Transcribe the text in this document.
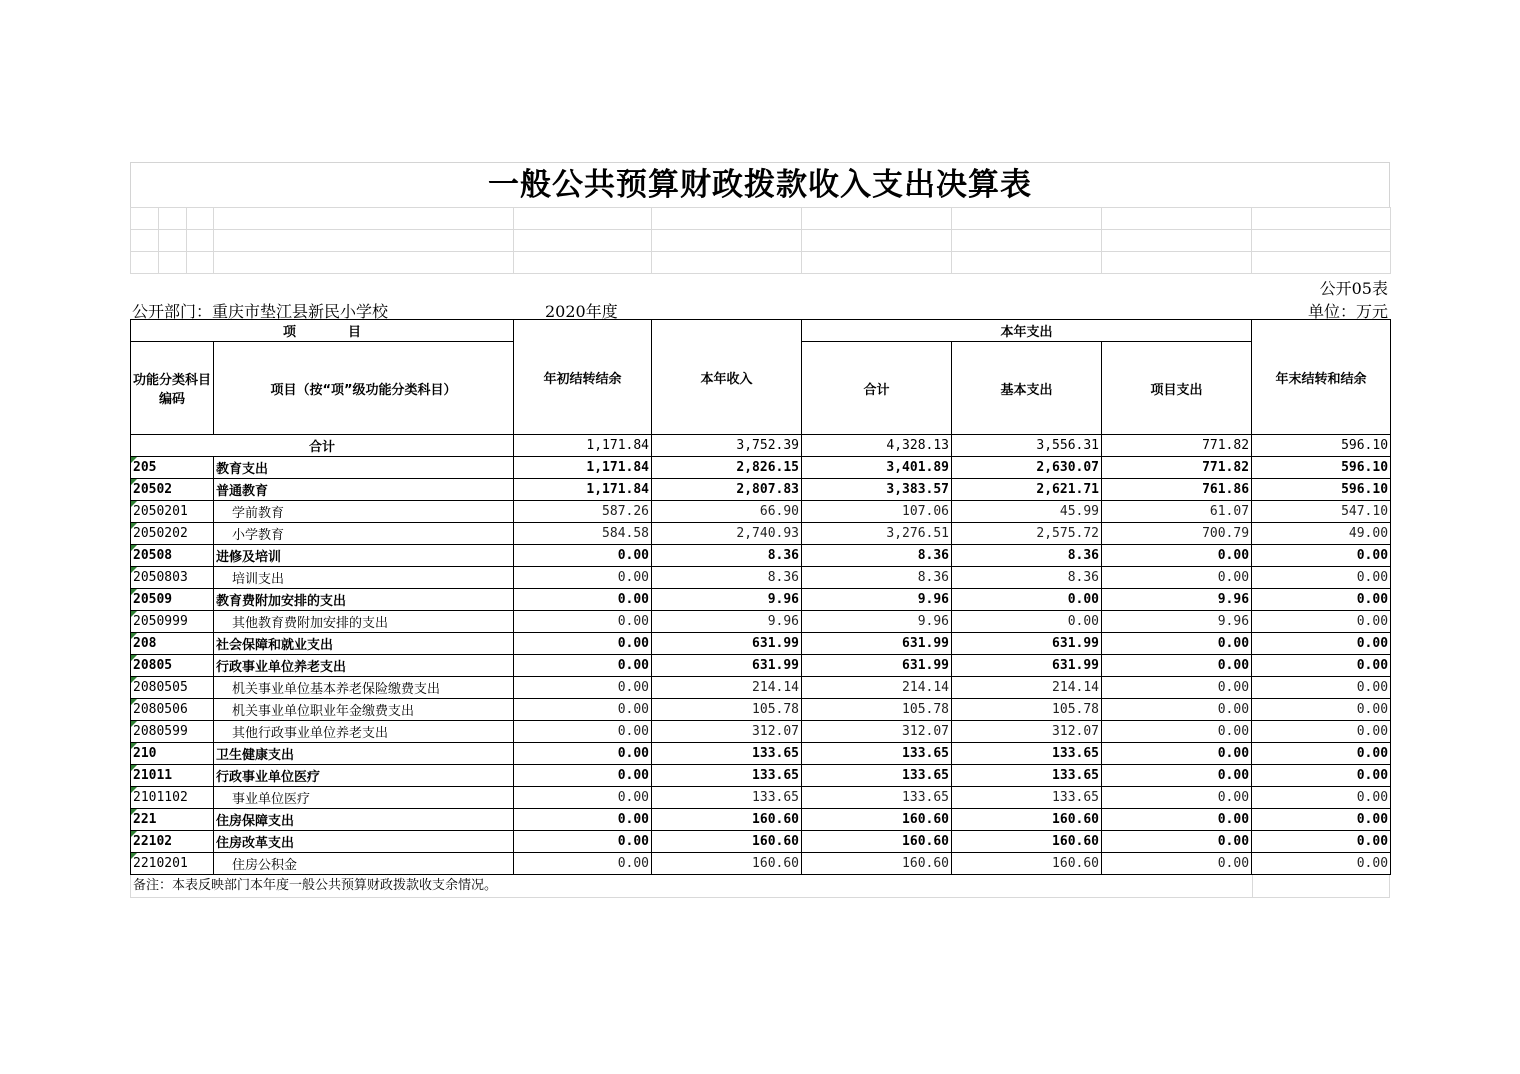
一般公共预算财政拨款收入支出决算表

公开05表
公开部门：重庆市垫江县新民小学校	2020年度	单位：万元
项　　　　目		年初结转结余	本年收入	本年支出			年末结转和结余
功能分类科目编码	项目（按“项”级功能分类科目）			合计	基本支出	项目支出	
合计		1,171.84	3,752.39	4,328.13	3,556.31	771.82	596.10
205	教育支出	1,171.84	2,826.15	3,401.89	2,630.07	771.82	596.10
20502	普通教育	1,171.84	2,807.83	3,383.57	2,621.71	761.86	596.10
2050201	学前教育	587.26	66.90	107.06	45.99	61.07	547.10
2050202	小学教育	584.58	2,740.93	3,276.51	2,575.72	700.79	49.00
20508	进修及培训	0.00	8.36	8.36	8.36	0.00	0.00
2050803	培训支出	0.00	8.36	8.36	8.36	0.00	0.00
20509	教育费附加安排的支出	0.00	9.96	9.96	0.00	9.96	0.00
2050999	其他教育费附加安排的支出	0.00	9.96	9.96	0.00	9.96	0.00
208	社会保障和就业支出	0.00	631.99	631.99	631.99	0.00	0.00
20805	行政事业单位养老支出	0.00	631.99	631.99	631.99	0.00	0.00
2080505	机关事业单位基本养老保险缴费支出	0.00	214.14	214.14	214.14	0.00	0.00
2080506	机关事业单位职业年金缴费支出	0.00	105.78	105.78	105.78	0.00	0.00
2080599	其他行政事业单位养老支出	0.00	312.07	312.07	312.07	0.00	0.00
210	卫生健康支出	0.00	133.65	133.65	133.65	0.00	0.00
21011	行政事业单位医疗	0.00	133.65	133.65	133.65	0.00	0.00
2101102	事业单位医疗	0.00	133.65	133.65	133.65	0.00	0.00
221	住房保障支出	0.00	160.60	160.60	160.60	0.00	0.00
22102	住房改革支出	0.00	160.60	160.60	160.60	0.00	0.00
2210201	住房公积金	0.00	160.60	160.60	160.60	0.00	0.00
备注：本表反映部门本年度一般公共预算财政拨款收支余情况。
